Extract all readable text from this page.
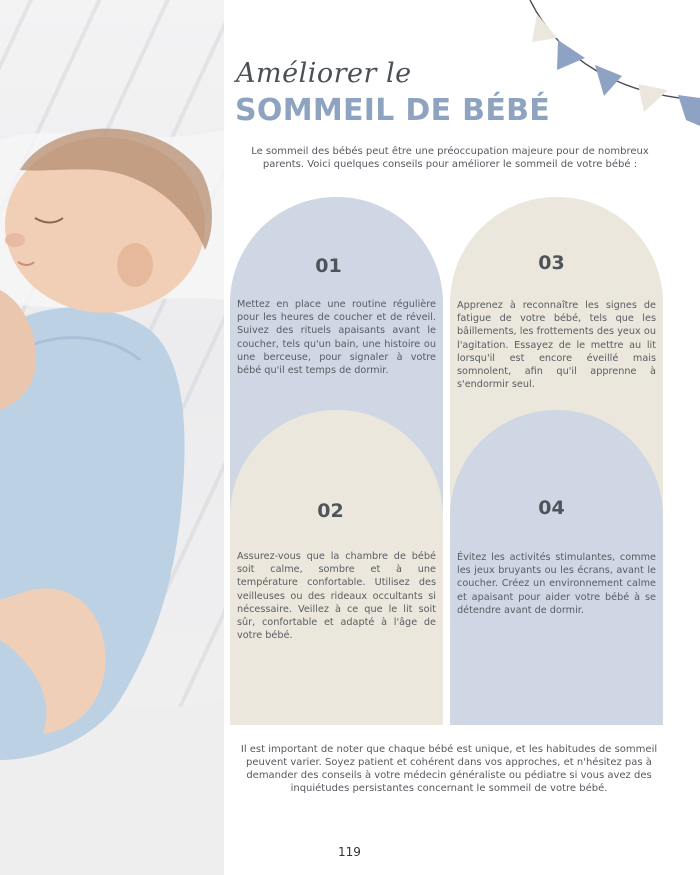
Améliorer le
SOMMEIL DE BÉBÉ
Le sommeil des bébés peut être une préoccupation majeure pour de nombreux parents. Voici quelques conseils pour améliorer le sommeil de votre bébé :
01
Mettez en place une routine régulière pour les heures de coucher et de réveil. Suivez des rituels apaisants avant le coucher, tels qu'un bain, une histoire ou une berceuse, pour signaler à votre bébé qu'il est temps de dormir.
03
Apprenez à reconnaître les signes de fatigue de votre bébé, tels que les bâillements, les frottements des yeux ou l'agitation. Essayez de le mettre au lit lorsqu'il est encore éveillé mais somnolent, afin qu'il apprenne à s'endormir seul.
02
Assurez-vous que la chambre de bébé soit calme, sombre et à une température confortable. Utilisez des veilleuses ou des rideaux occultants si nécessaire. Veillez à ce que le lit soit sûr, confortable et adapté à l'âge de votre bébé.
04
Évitez les activités stimulantes, comme les jeux bruyants ou les écrans, avant le coucher. Créez un environnement calme et apaisant pour aider votre bébé à se détendre avant de dormir.
Il est important de noter que chaque bébé est unique, et les habitudes de sommeil peuvent varier. Soyez patient et cohérent dans vos approches, et n'hésitez pas à demander des conseils à votre médecin généraliste ou pédiatre si vous avez des inquiétudes persistantes concernant le sommeil de votre bébé.
119
